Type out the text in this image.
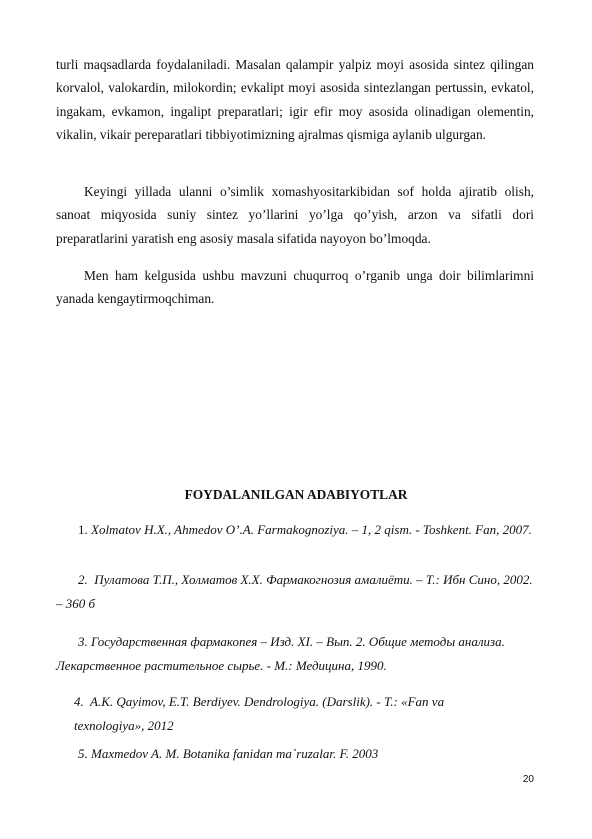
turli maqsadlarda foydalaniladi. Masalan qalampir yalpiz moyi asosida sintez qilingan korvalol, valokardin, milokordin; evkalipt moyi asosida sintezlangan pertussin, evkatol, ingakam, evkamon, ingalipt preparatlari; igir efir moy asosida olinadigan olementin, vikalin, vikair pereparatlari tibbiyotimizning ajralmas qismiga aylanib ulgurgan.

Keyingi yillada ulanni o’simlik xomashyositarkibidan sof holda ajiratib olish, sanoat miqyosida suniy sintez yo’llarini yo’lga qo’yish, arzon va sifatli dori preparatlarini yaratish eng asosiy masala sifatida nayoyon bo’lmoqda.

Men ham kelgusida ushbu mavzuni chuqurroq o’rganib unga doir bilimlarimni yanada kengaytirmoqchiman.

FOYDALANILGAN ADABIYOTLAR

1. Xolmatov H.X., Ahmedov O’.A. Farmakognoziya. – 1, 2 qism. - Toshkent. Fan, 2007.

2. Пулатова Т.П., Холматов Х.Х. Фармакогнозия амалиёти. – Т.: Ибн Сино, 2002. – 360 б

3. Государственная фармакопея – Изд. XI. – Вып. 2. Общие методы анализа. Лекарственное растительное сырье. - М.: Медицина, 1990.

4. A.K. Qayimov, E.T. Berdiyev. Dendrologiya. (Darslik). - T.: «Fan va texnologiya», 2012

5. Maxmedov A. M. Botanika fanidan ma`ruzalar. F. 2003

20
